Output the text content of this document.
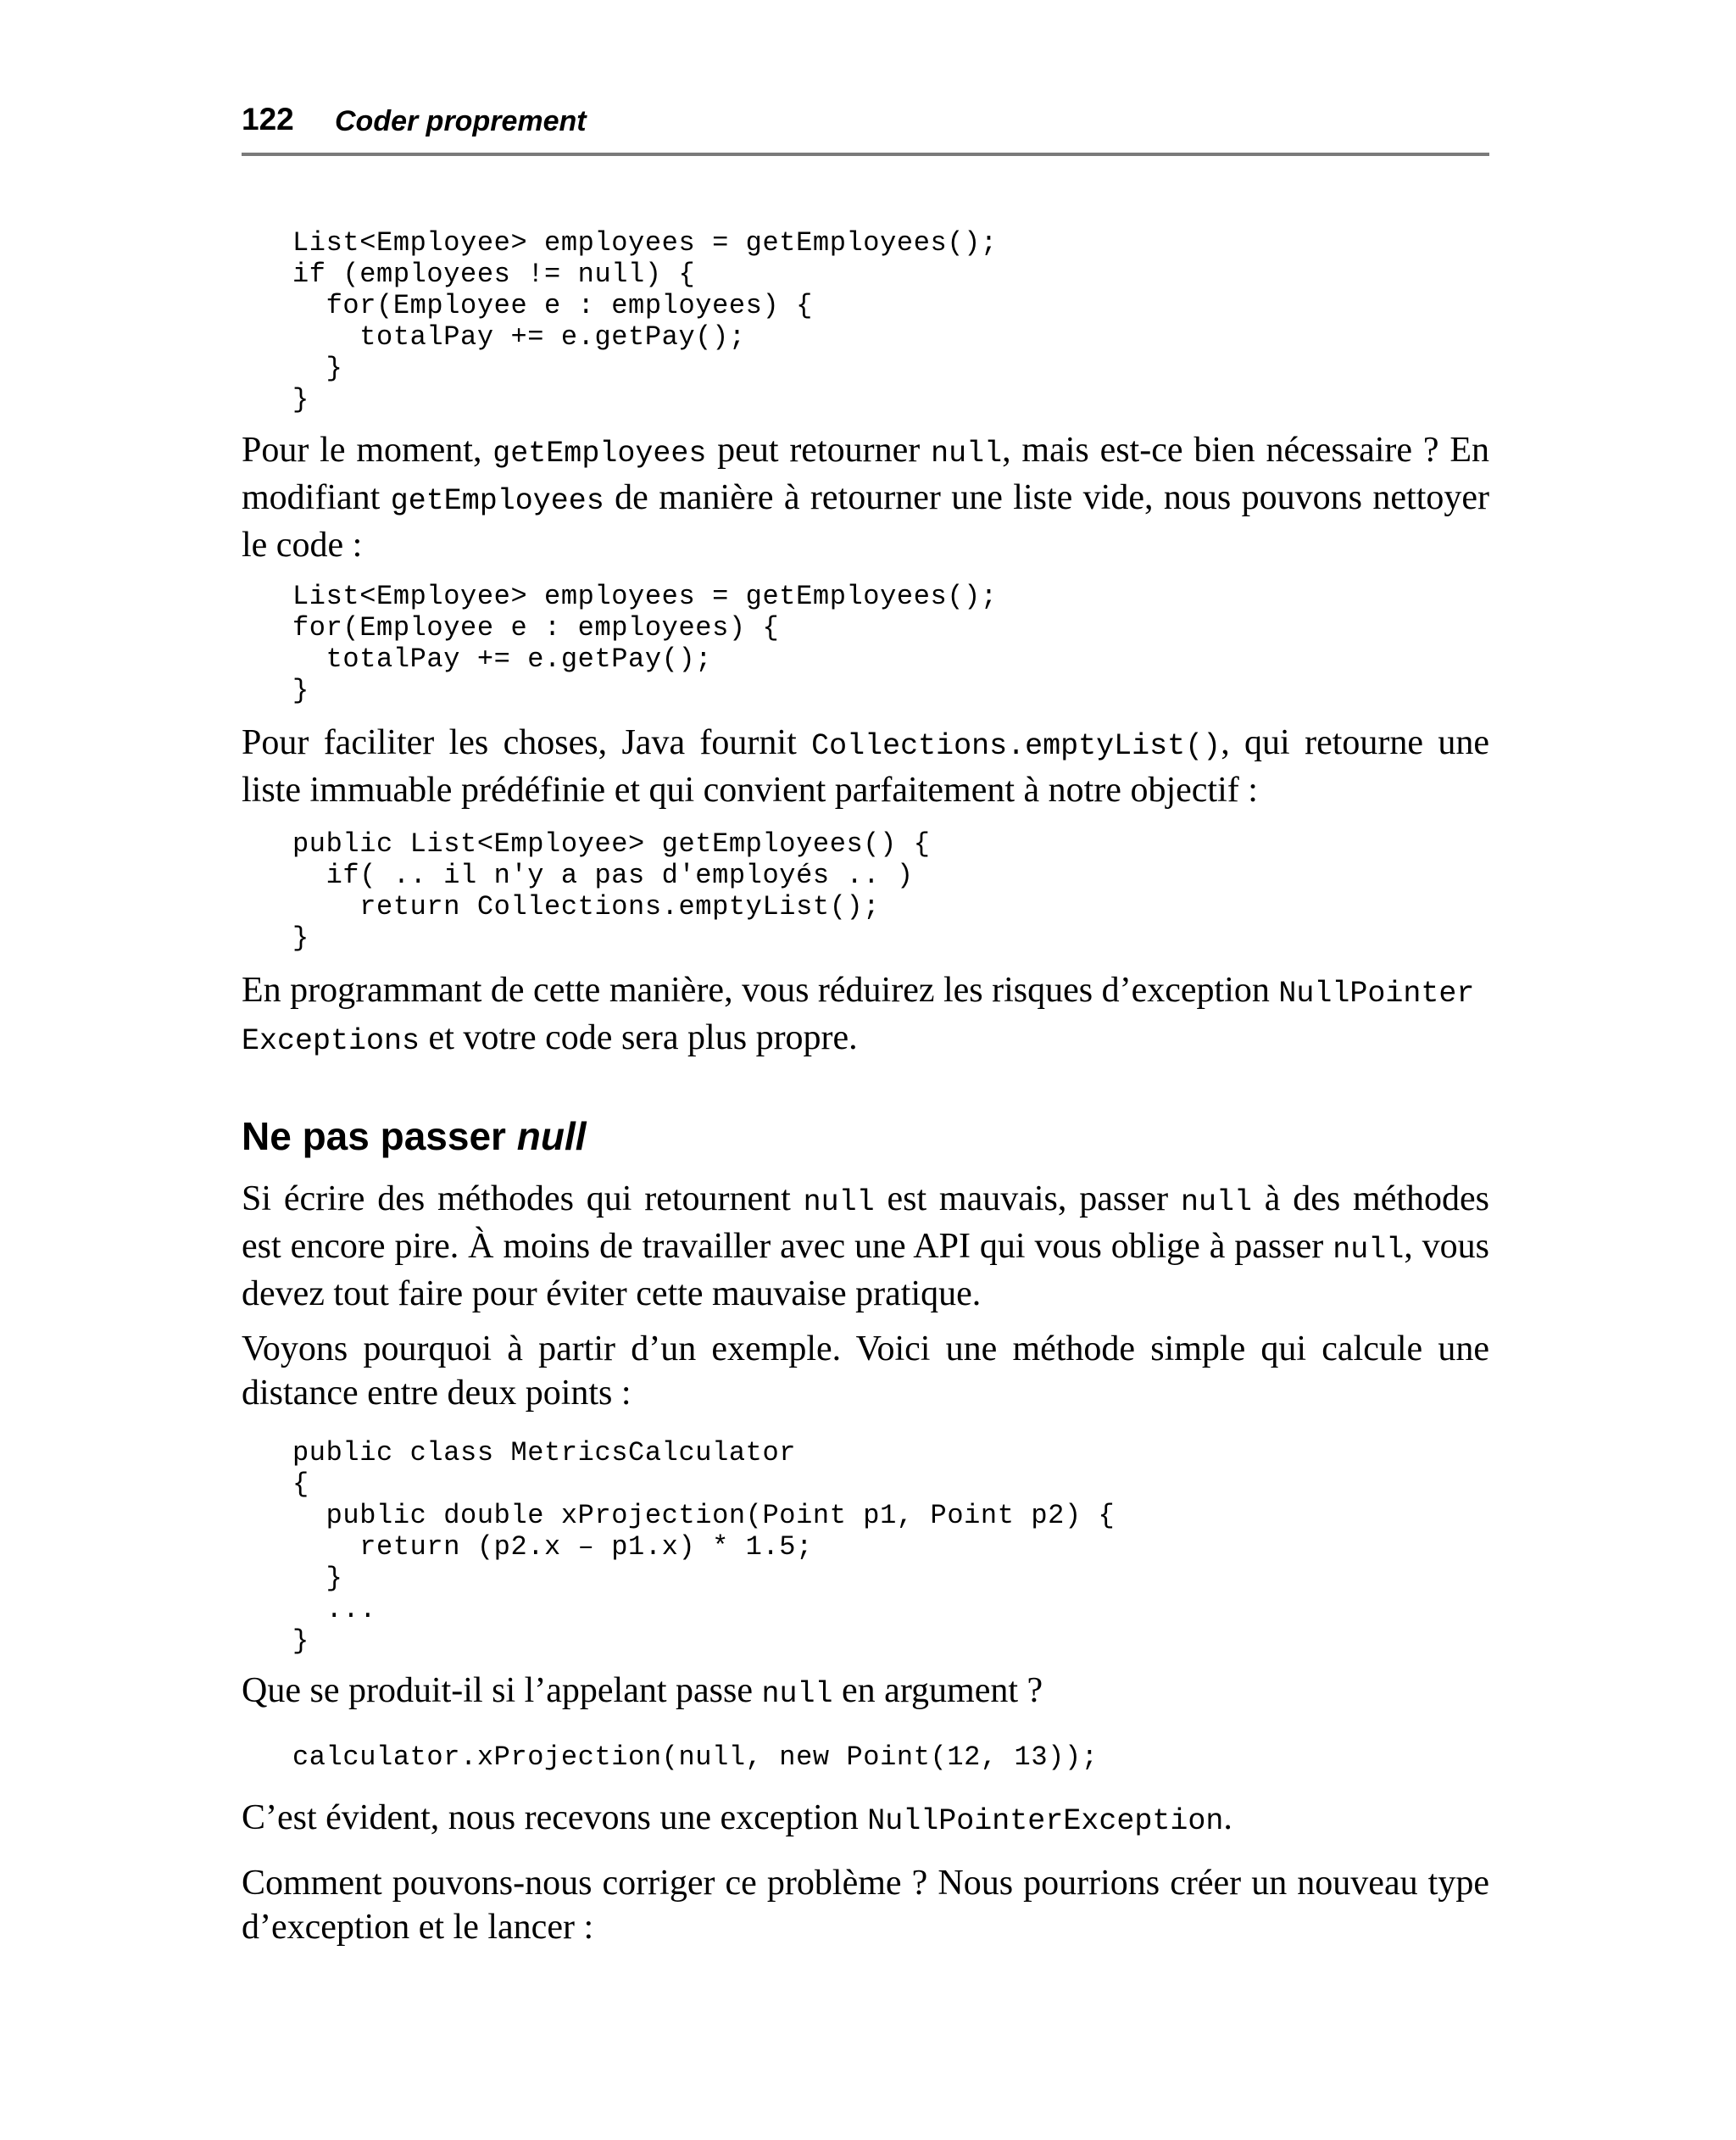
122 Coder proprement
List<Employee> employees = getEmployees();
if (employees != null) {
for(Employee e : employees) {
totalPay += e.getPay();
}
}

Pour le moment, getEmployees peut retourner null, mais est-ce bien nécessaire ? En modifiant getEmployees de manière à retourner une liste vide, nous pouvons nettoyer le code :

List<Employee> employees = getEmployees();
for(Employee e : employees) {
totalPay += e.getPay();
}

Pour faciliter les choses, Java fournit Collections.emptyList(), qui retourne une liste immuable prédéfinie et qui convient parfaitement à notre objectif :

public List<Employee> getEmployees() {
if( .. il n'y a pas d'employés .. )
return Collections.emptyList();
}

En programmant de cette manière, vous réduirez les risques d’exception NullPointer
Exceptions et votre code sera plus propre.

Ne pas passer null

Si écrire des méthodes qui retournent null est mauvais, passer null à des méthodes est encore pire. À moins de travailler avec une API qui vous oblige à passer null, vous devez tout faire pour éviter cette mauvaise pratique.

Voyons pourquoi à partir d’un exemple. Voici une méthode simple qui calcule une distance entre deux points :

public class MetricsCalculator
{
public double xProjection(Point p1, Point p2) {
return (p2.x – p1.x) * 1.5;
}
...
}

Que se produit-il si l’appelant passe null en argument ?

calculator.xProjection(null, new Point(12, 13));

C’est évident, nous recevons une exception NullPointerException.

Comment pouvons-nous corriger ce problème ? Nous pourrions créer un nouveau type d’exception et le lancer :
